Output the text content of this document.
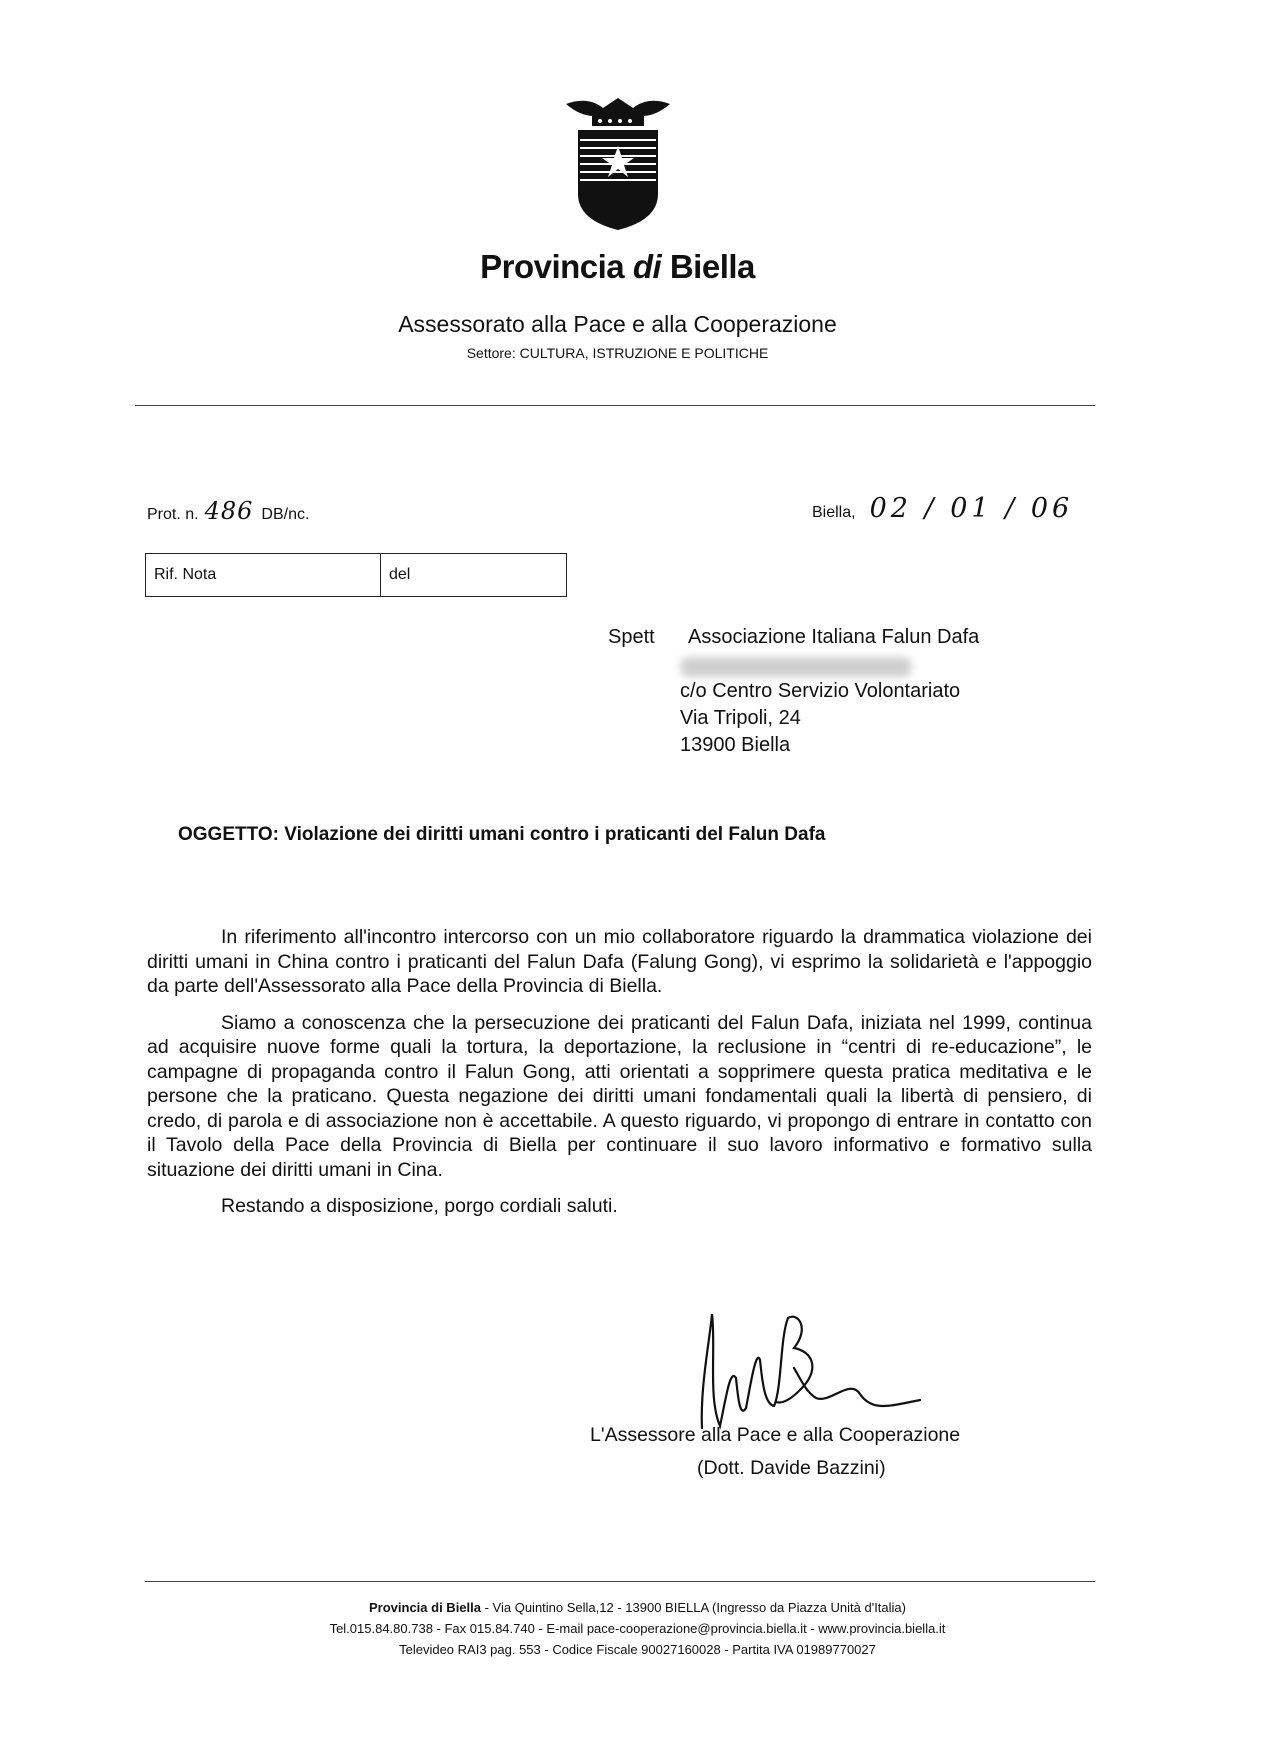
Provincia di Biella
Assessorato alla Pace e alla Cooperazione
Settore: CULTURA, ISTRUZIONE E POLITICHE
Prot. n. 486 DB/nc.	Biella, 02 / 01 / 06
Rif. Nota	del
Spett Associazione Italiana Falun Dafa
c/o Centro Servizio Volontariato
Via Tripoli, 24
13900 Biella
OGGETTO: Violazione dei diritti umani contro i praticanti del Falun Dafa

In riferimento all'incontro intercorso con un mio collaboratore riguardo la drammatica violazione dei diritti umani in China contro i praticanti del Falun Dafa (Falung Gong), vi esprimo la solidarietà e l'appoggio da parte dell'Assessorato alla Pace della Provincia di Biella.

Siamo a conoscenza che la persecuzione dei praticanti del Falun Dafa, iniziata nel 1999, continua ad acquisire nuove forme quali la tortura, la deportazione, la reclusione in “centri di re-educazione”, le campagne di propaganda contro il Falun Gong, atti orientati a sopprimere questa pratica meditativa e le persone che la praticano. Questa negazione dei diritti umani fondamentali quali la libertà di pensiero, di credo, di parola e di associazione non è accettabile. A questo riguardo, vi propongo di entrare in contatto con il Tavolo della Pace della Provincia di Biella per continuare il suo lavoro informativo e formativo sulla situazione dei diritti umani in Cina.

Restando a disposizione, porgo cordiali saluti.

L'Assessore alla Pace e alla Cooperazione
(Dott. Davide Bazzini)
Provincia di Biella - Via Quintino Sella,12 - 13900 BIELLA (Ingresso da Piazza Unità d'Italia)
Tel.015.84.80.738 - Fax 015.84.740 - E-mail pace-cooperazione@provincia.biella.it - www.provincia.biella.it
Televideo RAI3 pag. 553 - Codice Fiscale 90027160028 - Partita IVA 01989770027
